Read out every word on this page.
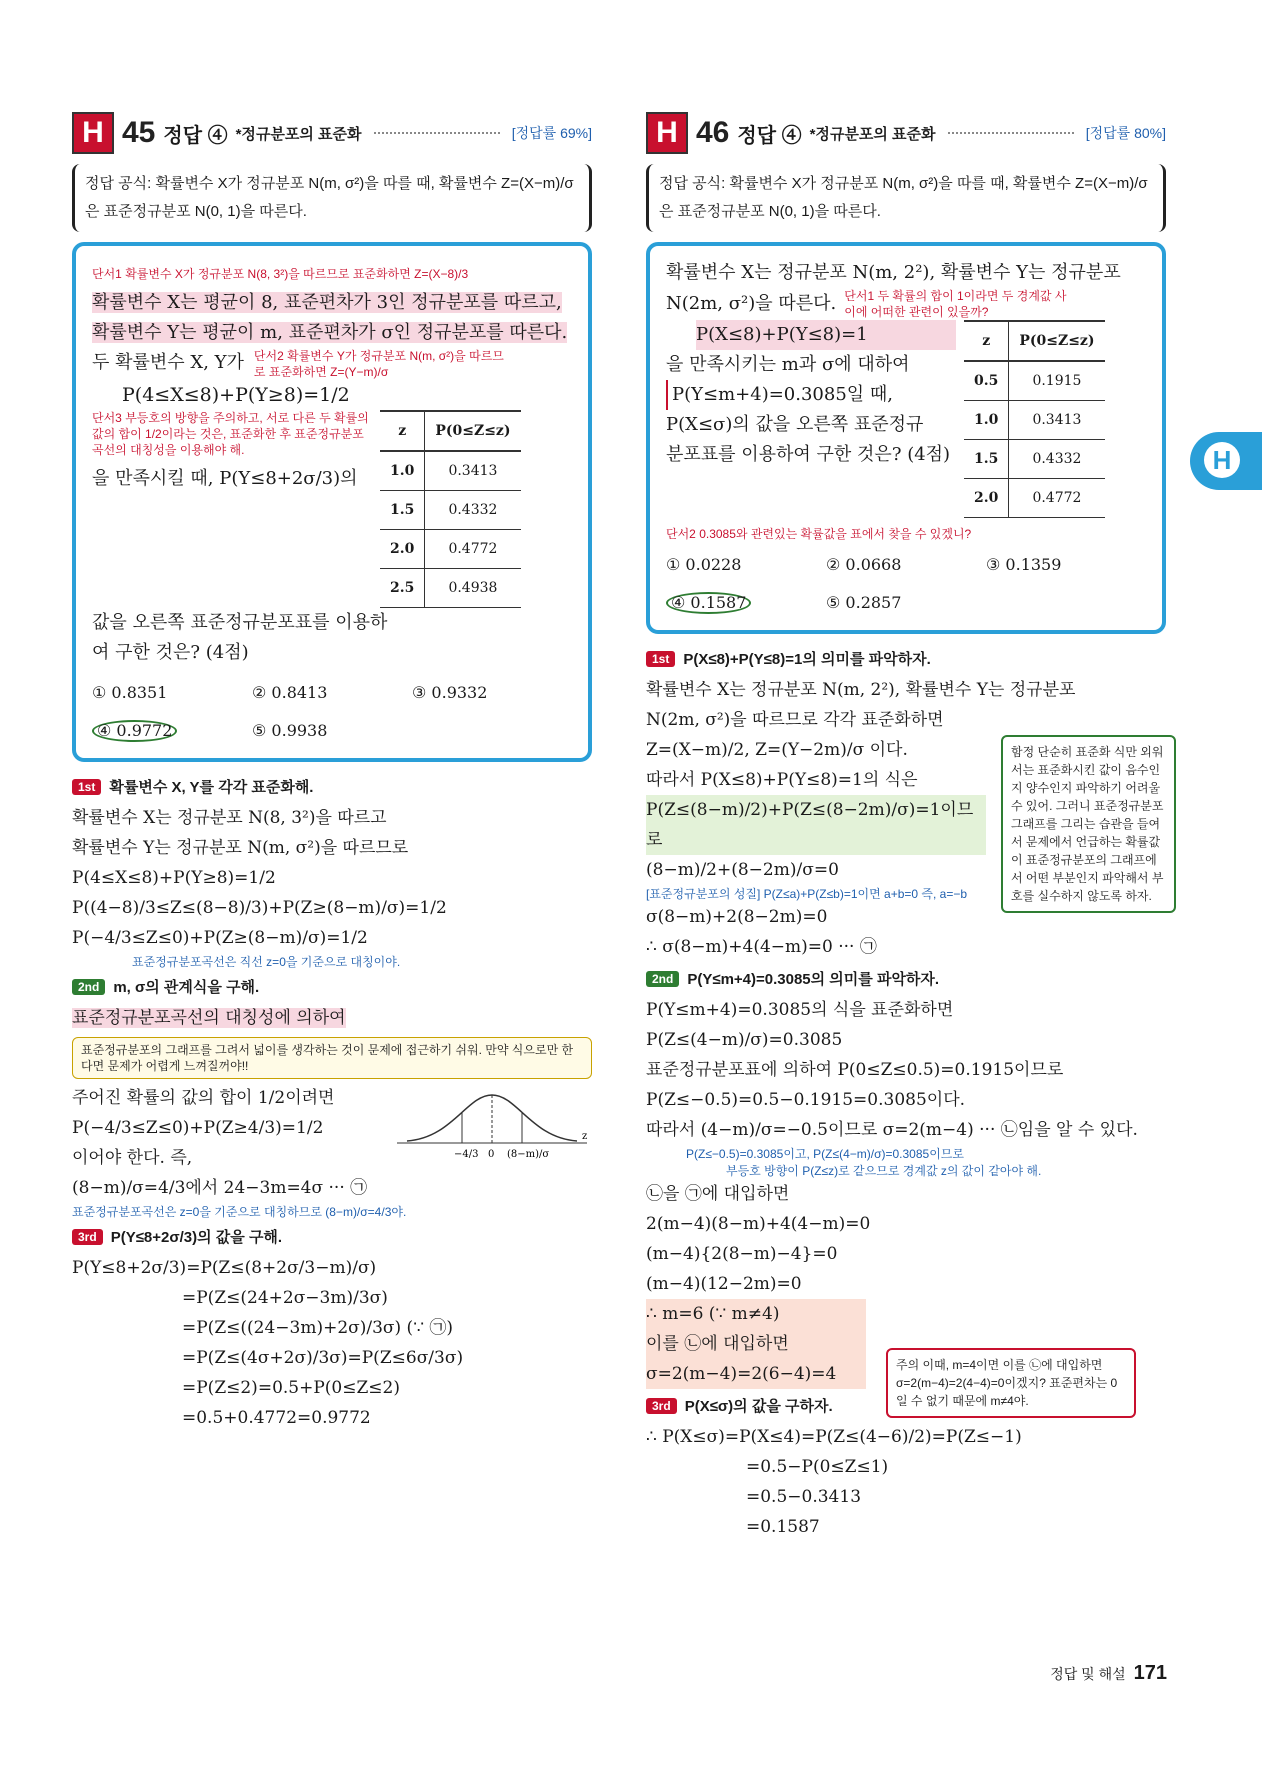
H 45 정답 ④ *정규분포의 표준화	[정답률 69%]
정답 공식: 확률변수 X가 정규분포 N(m, σ²)을 따를 때, 확률변수 Z=(X−m)/σ 은 표준정규분포 N(0, 1)을 따른다.
단서1 확률변수 X가 정규분포 N(8, 3²)을 따르므로 표준화하면 Z=(X−8)/3
확률변수 X는 평균이 8, 표준편차가 3인 정규분포를 따르고,
확률변수 Y는 평균이 m, 표준편차가 σ인 정규분포를 따른다.
두 확률변수 X, Y가 단서2 확률변수 Y가 정규분포 N(m, σ²)을 따르므로 표준화하면 Z=(Y−m)/σ
P(4≤X≤8)+P(Y≥8)=1/2
단서3 부등호의 방향을 주의하고, 서로 다른 두 확률의 값의 합이 1/2이라는 것은, 표준화한 후 표준정규분포곡선의 대칭성을 이용해야 해.
을 만족시킬 때, P(Y≤8+2σ/3)의
z	P(0≤Z≤z)
1.0	0.3413
1.5	0.4332
2.0	0.4772
2.5	0.4938
값을 오른쪽 표준정규분포표를 이용하
여 구한 것은? (4점)
① 0.8351	② 0.8413	③ 0.9332
④ 0.9772	⑤ 0.9938
1st 확률변수 X, Y를 각각 표준화해.
확률변수 X는 정규분포 N(8, 3²)을 따르고
확률변수 Y는 정규분포 N(m, σ²)을 따르므로
P(4≤X≤8)+P(Y≥8)=1/2
P((4−8)/3≤Z≤(8−8)/3)+P(Z≥(8−m)/σ)=1/2
P(−4/3≤Z≤0)+P(Z≥(8−m)/σ)=1/2
표준정규분포곡선은 직선 z=0을 기준으로 대칭이야.
2nd m, σ의 관계식을 구해.
표준정규분포곡선의 대칭성에 의하여
표준정규분포의 그래프를 그려서 넓이를 생각하는 것이 문제에 접근하기 쉬워. 만약 식으로만 한다면 문제가 어렵게 느껴질꺼야!!
주어진 확률의 값의 합이 1/2이려면
P(−4/3≤Z≤0)+P(Z≥4/3)=1/2
이어야 한다. 즉,	−4/3 0 (8−m)/σ
z
(8−m)/σ=4/3에서 24−3m=4σ ··· ㉠
표준정규분포곡선은 z=0을 기준으로 대칭하므로 (8−m)/σ=4/3야.
3rd P(Y≤8+2σ/3)의 값을 구해.
P(Y≤8+2σ/3)=P(Z≤(8+2σ/3−m)/σ)
=P(Z≤(24+2σ−3m)/3σ)
=P(Z≤((24−3m)+2σ)/3σ) (∵ ㉠)
=P(Z≤(4σ+2σ)/3σ)=P(Z≤6σ/3σ)
=P(Z≤2)=0.5+P(0≤Z≤2)
=0.5+0.4772=0.9772
H 46 정답 ④ *정규분포의 표준화	[정답률 80%]
정답 공식: 확률변수 X가 정규분포 N(m, σ²)을 따를 때, 확률변수 Z=(X−m)/σ 은 표준정규분포 N(0, 1)을 따른다.
확률변수 X는 정규분포 N(m, 2²), 확률변수 Y는 정규분포
N(2m, σ²)을 따른다. 단서1 두 확률의 합이 1이라면 두 경계값 사이에 어떠한 관련이 있을까?
P(X≤8)+P(Y≤8)=1
을 만족시키는 m과 σ에 대하여
P(Y≤m+4)=0.3085일 때,
P(X≤σ)의 값을 오른쪽 표준정규
분포표를 이용하여 구한 것은? (4점)
z	P(0≤Z≤z)
0.5	0.1915
1.0	0.3413
1.5	0.4332
2.0	0.4772
단서2 0.3085와 관련있는 확률값을 표에서 찾을 수 있겠니?
① 0.0228	② 0.0668	③ 0.1359
④ 0.1587	⑤ 0.2857
1st P(X≤8)+P(Y≤8)=1의 의미를 파악하자.
확률변수 X는 정규분포 N(m, 2²), 확률변수 Y는 정규분포
N(2m, σ²)을 따르므로 각각 표준화하면
Z=(X−m)/2, Z=(Y−2m)/σ 이다.
따라서 P(X≤8)+P(Y≤8)=1의 식은
P(Z≤(8−m)/2)+P(Z≤(8−2m)/σ)=1이므로
(8−m)/2+(8−2m)/σ=0
[표준정규분포의 성질] P(Z≤a)+P(Z≤b)=1이면 a+b=0 즉, a=−b
σ(8−m)+2(8−2m)=0
∴ σ(8−m)+4(4−m)=0 ··· ㉠
함정 단순히 표준화 식만 외워서는 표준화시킨 값이 음수인지 양수인지 파악하기 어려울 수 있어. 그러니 표준정규분포 그래프를 그리는 습관을 들여서 문제에서 언급하는 확률값이 표준정규분포의 그래프에서 어떤 부분인지 파악해서 부호를 실수하지 않도록 하자.
2nd P(Y≤m+4)=0.3085의 의미를 파악하자.
P(Y≤m+4)=0.3085의 식을 표준화하면
P(Z≤(4−m)/σ)=0.3085
표준정규분포표에 의하여 P(0≤Z≤0.5)=0.1915이므로
P(Z≤−0.5)=0.5−0.1915=0.3085이다.
따라서 (4−m)/σ=−0.5이므로 σ=2(m−4) ··· ㉡임을 알 수 있다.
P(Z≤−0.5)=0.3085이고, P(Z≤(4−m)/σ)=0.3085이므로
부등호 방향이 P(Z≤z)로 같으므로 경계값 z의 값이 같아야 해.
㉡을 ㉠에 대입하면
2(m−4)(8−m)+4(4−m)=0
(m−4){2(8−m)−4}=0
(m−4)(12−2m)=0
∴ m=6 (∵ m≠4)
이를 ㉡에 대입하면
σ=2(m−4)=2(6−4)=4
3rd P(X≤σ)의 값을 구하자.
∴ P(X≤σ)=P(X≤4)=P(Z≤(4−6)/2)=P(Z≤−1)
=0.5−P(0≤Z≤1)
=0.5−0.3413
=0.1587
주의 이때, m=4이면 이를 ㉡에 대입하면 σ=2(m−4)=2(4−4)=0이겠지? 표준편차는 0일 수 없기 때문에 m≠4야.
H
정답 및 해설 171
